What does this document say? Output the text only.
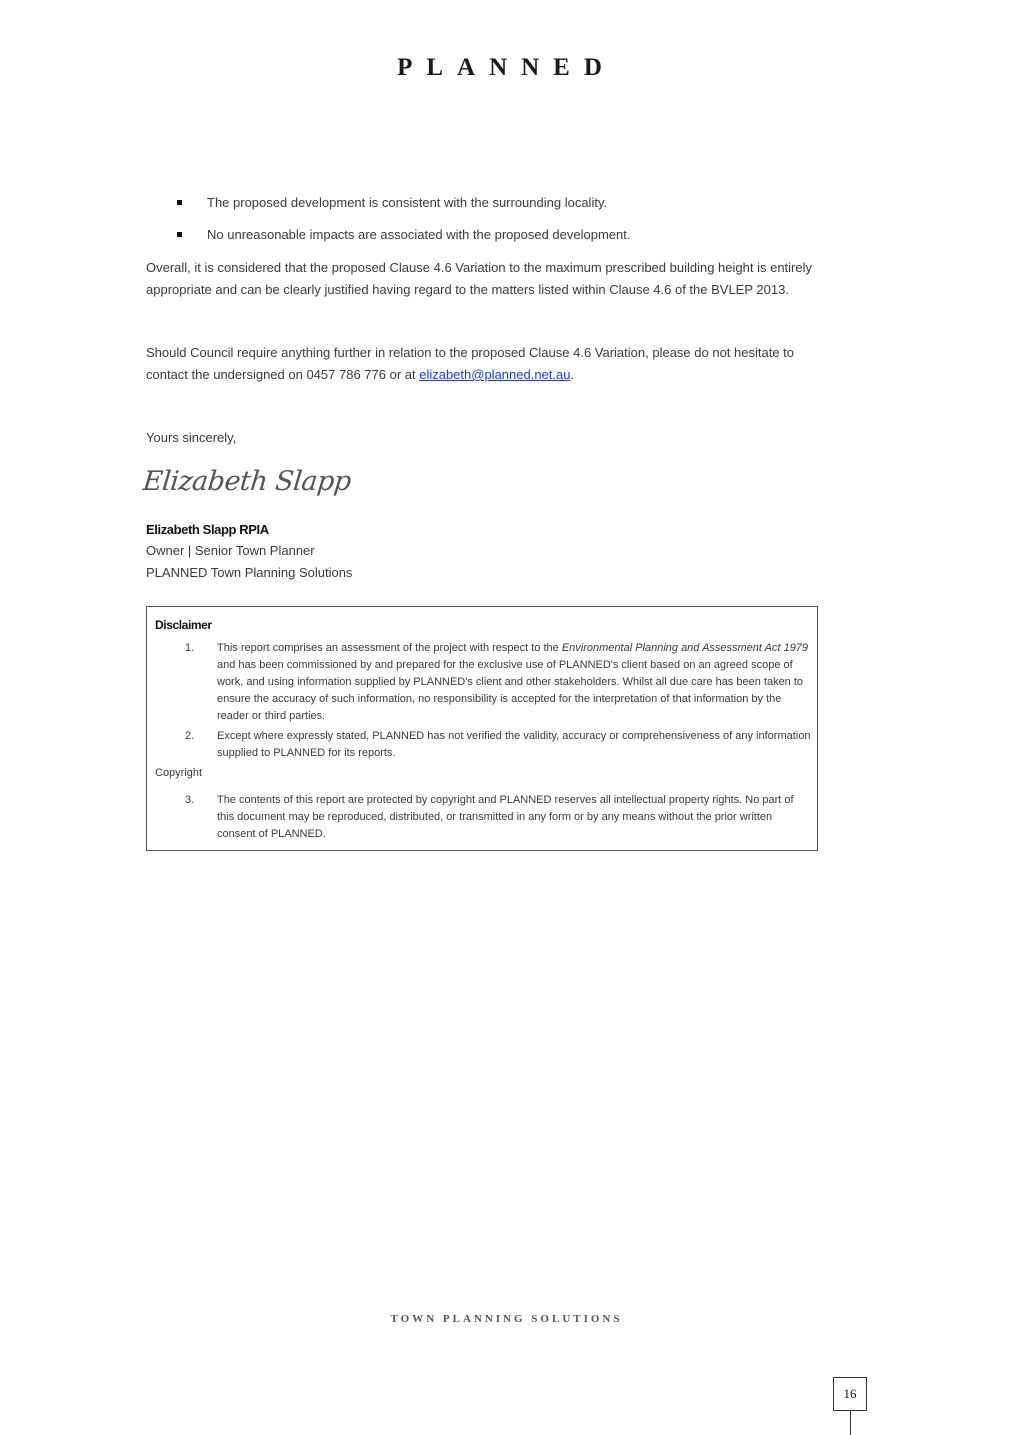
PLANNED
The proposed development is consistent with the surrounding locality.
No unreasonable impacts are associated with the proposed development.

Overall, it is considered that the proposed Clause 4.6 Variation to the maximum prescribed building height is entirely
appropriate and can be clearly justified having regard to the matters listed within Clause 4.6 of the BVLEP 2013.

Should Council require anything further in relation to the proposed Clause 4.6 Variation, please do not hesitate to
contact the undersigned on 0457 786 776 or at elizabeth@planned.net.au.

Yours sincerely,

Elizabeth Slapp
Elizabeth Slapp RPIA
Owner | Senior Town Planner
PLANNED Town Planning Solutions
Disclaimer
1. This report comprises an assessment of the project with respect to the Environmental Planning and Assessment Act 1979 and has been commissioned by and prepared for the exclusive use of PLANNED's client based on an agreed scope of work, and using information supplied by PLANNED's client and other stakeholders. Whilst all due care has been taken to ensure the accuracy of such information, no responsibility is accepted for the interpretation of that information by the reader or third parties.
2. Except where expressly stated, PLANNED has not verified the validity, accuracy or comprehensiveness of any information supplied to PLANNED for its reports.
Copyright
3. The contents of this report are protected by copyright and PLANNED reserves all intellectual property rights. No part of this document may be reproduced, distributed, or transmitted in any form or by any means without the prior written consent of PLANNED.
TOWN PLANNING SOLUTIONS
16
